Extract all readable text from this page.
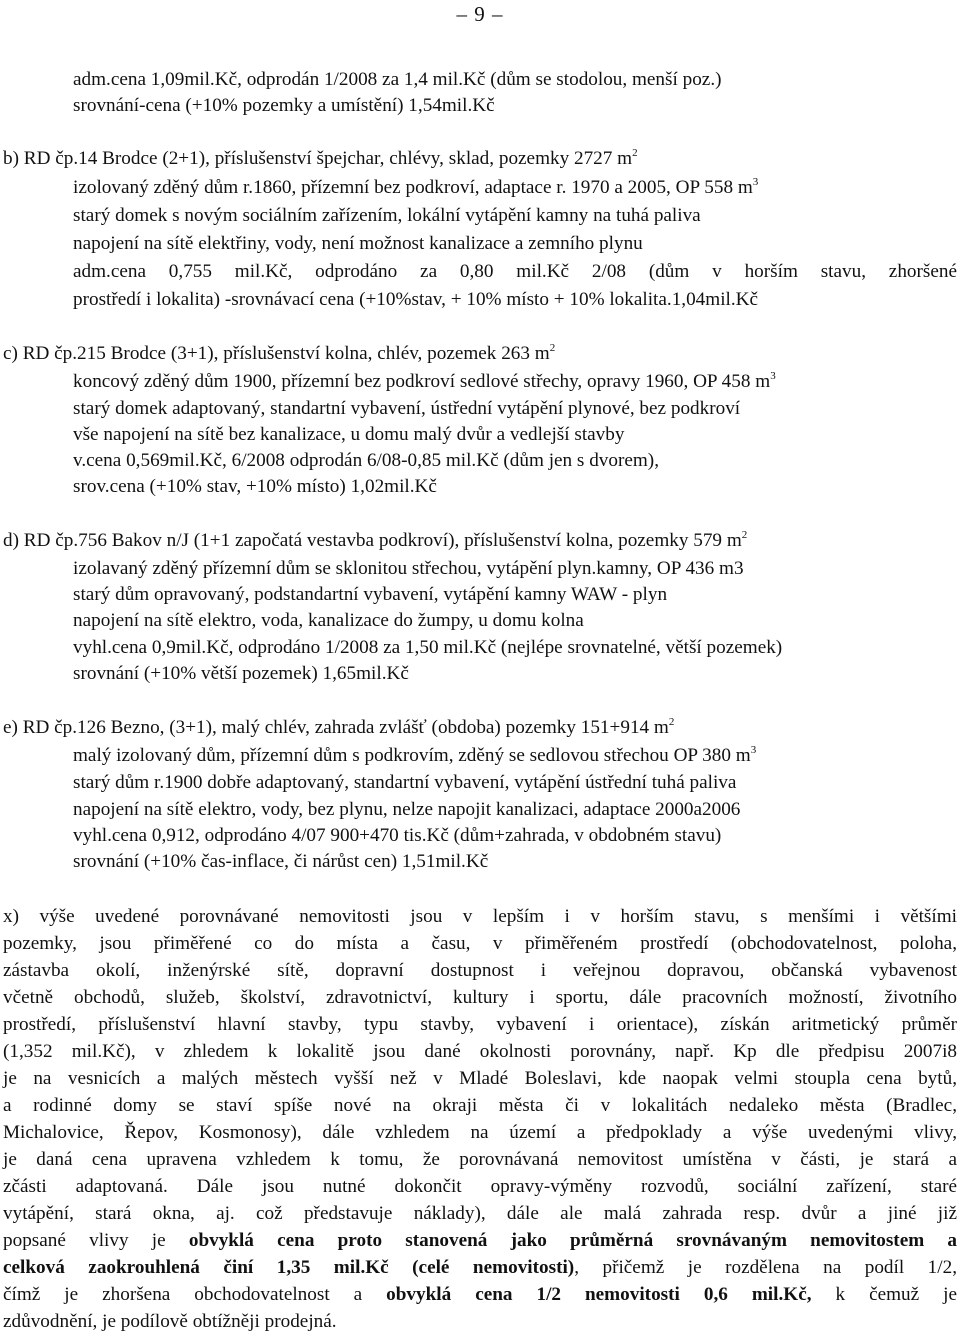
– 9 –
adm.cena 1,09mil.Kč, odprodán 1/2008 za 1,4 mil.Kč (dům se stodolou, menší poz.)
srovnání-cena (+10% pozemky a umístění) 1,54mil.Kč
b) RD čp.14 Brodce (2+1), příslušenství špejchar, chlévy, sklad, pozemky 2727 $m^2$
izolovaný zděný dům r.1860, přízemní bez podkroví, adaptace r. 1970 a 2005, OP 558 $m^3$
starý domek s novým sociálním zařízením, lokální vytápění kamny na tuhá paliva
napojení na sítě elektřiny, vody, není možnost kanalizace a zemního plynu
adm.cena 0,755 mil.Kč, odprodáno za 0,80 mil.Kč 2/08 (dům v horším stavu, zhoršené
prostředí i lokalita) -srovnávací cena (+10%stav, + 10% místo + 10% lokalita.1,04mil.Kč
c) RD čp.215 Brodce (3+1), příslušenství kolna, chlév, pozemek 263 $m^2$
koncový zděný dům 1900, přízemní bez podkroví sedlové střechy, opravy 1960, OP 458 $m^3$
starý domek adaptovaný, standartní vybavení, ústřední vytápění plynové, bez podkroví
vše napojení na sítě bez kanalizace, u domu malý dvůr a vedlejší stavby
v.cena 0,569mil.Kč, 6/2008 odprodán 6/08-0,85 mil.Kč (dům jen s dvorem),
srov.cena (+10% stav, +10% místo) 1,02mil.Kč
d) RD čp.756 Bakov n/J (1+1 započatá vestavba podkroví), příslušenství kolna, pozemky 579 $m^2$
izolavaný zděný přízemní dům se sklonitou střechou, vytápění plyn.kamny, OP 436 m3
starý dům opravovaný, podstandartní vybavení, vytápění kamny WAW - plyn
napojení na sítě elektro, voda, kanalizace do žumpy, u domu kolna
vyhl.cena 0,9mil.Kč, odprodáno 1/2008 za 1,50 mil.Kč (nejlépe srovnatelné, větší pozemek)
srovnání (+10% větší pozemek) 1,65mil.Kč
e) RD čp.126 Bezno, (3+1), malý chlév, zahrada zvlášť (obdoba) pozemky 151+914 $m^2$
malý izolovaný dům, přízemní dům s podkrovím, zděný se sedlovou střechou OP 380 $m^3$
starý dům r.1900 dobře adaptovaný, standartní vybavení, vytápění ústřední tuhá paliva
napojení na sítě elektro, vody, bez plynu, nelze napojit kanalizaci, adaptace 2000a2006
vyhl.cena 0,912, odprodáno 4/07 900+470 tis.Kč (dům+zahrada, v obdobném stavu)
srovnání (+10% čas-inflace, či nárůst cen) 1,51mil.Kč
x) výše uvedené porovnávané nemovitosti jsou v lepším i v horším stavu, s menšími i většími
pozemky, jsou přiměřené co do místa a času, v přiměřeném prostředí (obchodovatelnost, poloha,
zástavba okolí, inženýrské sítě, dopravní dostupnost i veřejnou dopravou, občanská vybavenost
včetně obchodů, služeb, školství, zdravotnictví, kultury i sportu, dále pracovních možností, životního
prostředí, příslušenství hlavní stavby, typu stavby, vybavení i orientace), získán aritmetický průměr
(1,352 mil.Kč), v zhledem k lokalitě jsou dané okolnosti porovnány, např. Kp dle předpisu 2007i8
je na vesnicích a malých městech vyšší než v Mladé Boleslavi, kde naopak velmi stoupla cena bytů,
a rodinné domy se staví spíše nové na okraji města či v lokalitách nedaleko města (Bradlec,
Michalovice, Řepov, Kosmonosy), dále vzhledem na území a předpoklady a výše uvedenými vlivy,
je daná cena upravena vzhledem k tomu, že porovnávaná nemovitost umístěna v části, je stará a
zčásti adaptovaná. Dále jsou nutné dokončit opravy-výměny rozvodů, sociální zařízení, staré
vytápění, stará okna, aj. což představuje náklady), dále ale malá zahrada resp. dvůr a jiné již
popsané vlivy je obvyklá cena proto stanovená jako průměrná srovnávaným nemovitostem a
celková zaokrouhlená činí 1,35 mil.Kč (celé nemovitosti), přičemž je rozdělena na podíl 1/2,
čímž je zhoršena obchodovatelnost a obvyklá cena 1/2 nemovitosti 0,6 mil.Kč, k čemuž je
zdůvodnění, je podílově obtížněji prodejná.
